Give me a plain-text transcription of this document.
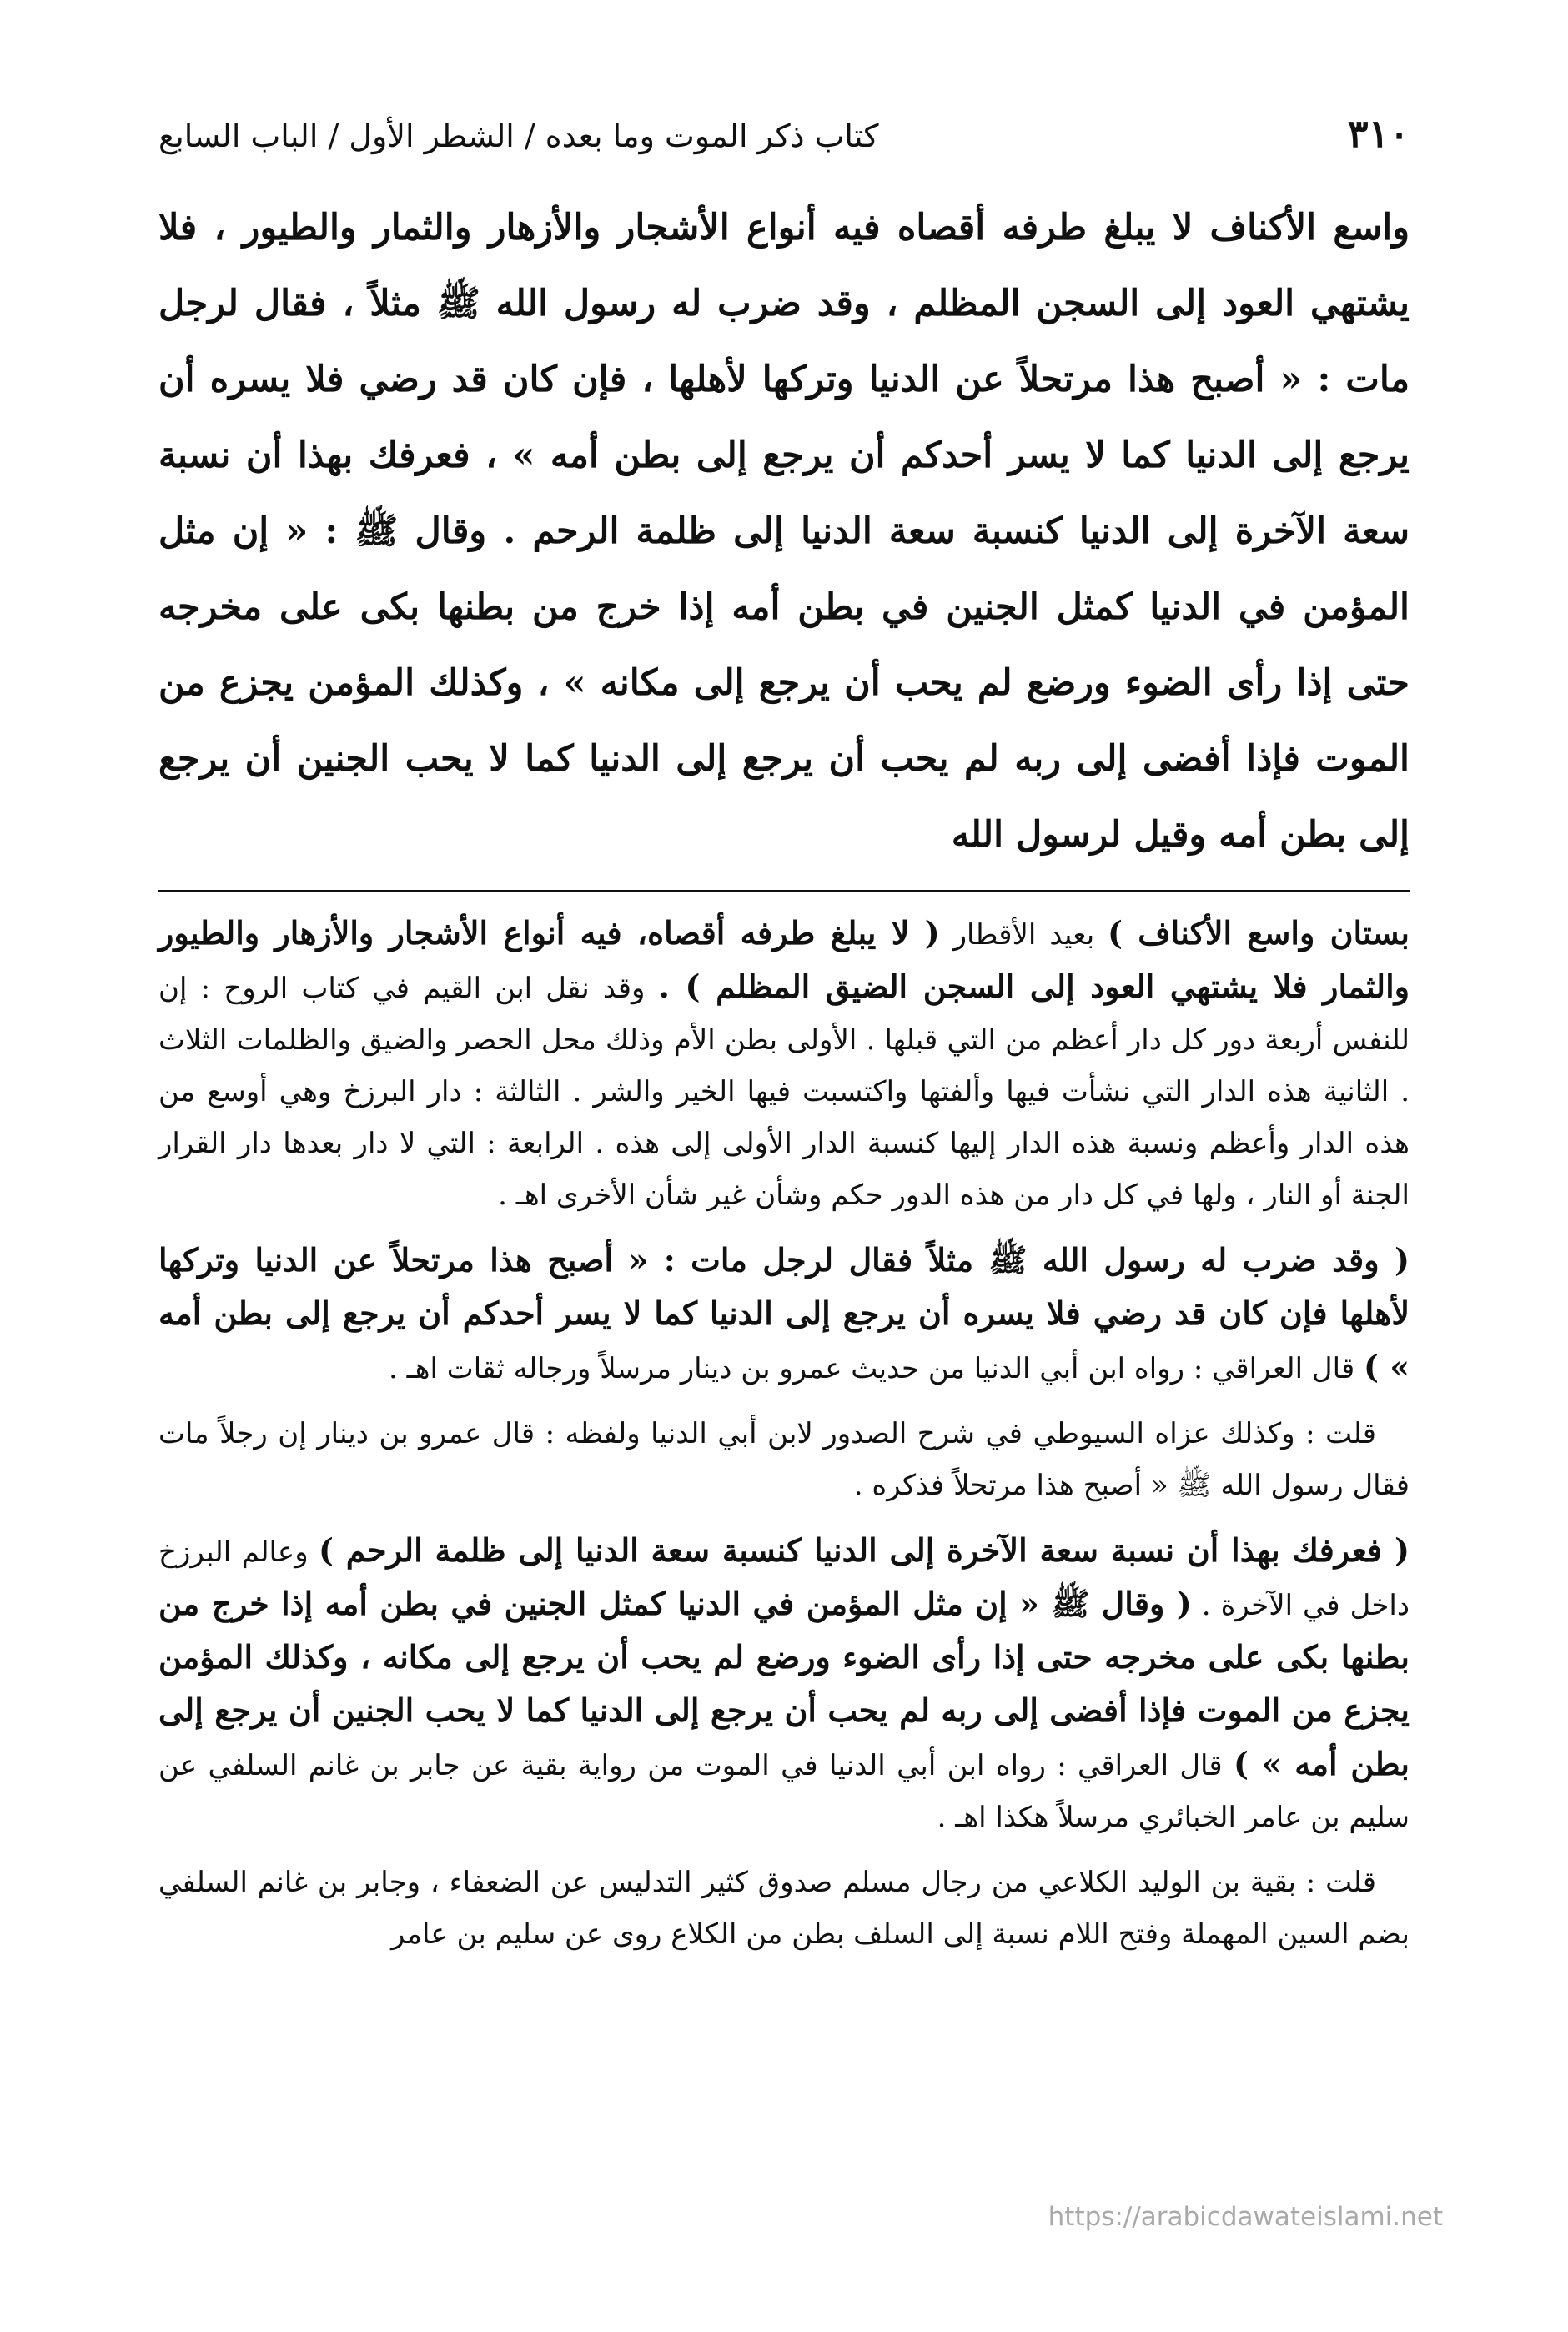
٣١٠
كتاب ذكر الموت وما بعده / الشطر الأول / الباب السابع

واسع الأكناف لا يبلغ طرفه أقصاه فيه أنواع الأشجار والأزهار والثمار والطيور ، فلا يشتهي العود إلى السجن المظلم ، وقد ضرب له رسول الله ﷺ مثلاً ، فقال لرجل مات : « أصبح هذا مرتحلاً عن الدنيا وتركها لأهلها ، فإن كان قد رضي فلا يسره أن يرجع إلى الدنيا كما لا يسر أحدكم أن يرجع إلى بطن أمه » ، فعرفك بهذا أن نسبة سعة الآخرة إلى الدنيا كنسبة سعة الدنيا إلى ظلمة الرحم . وقال ﷺ : « إن مثل المؤمن في الدنيا كمثل الجنين في بطن أمه إذا خرج من بطنها بكى على مخرجه حتى إذا رأى الضوء ورضع لم يحب أن يرجع إلى مكانه » ، وكذلك المؤمن يجزع من الموت فإذا أفضى إلى ربه لم يحب أن يرجع إلى الدنيا كما لا يحب الجنين أن يرجع إلى بطن أمه وقيل لرسول الله

بستان واسع الأكناف ) بعيد الأقطار ( لا يبلغ طرفه أقصاه، فيه أنواع الأشجار والأزهار والطيور والثمار فلا يشتهي العود إلى السجن الضيق المظلم ) . وقد نقل ابن القيم في كتاب الروح : إن للنفس أربعة دور كل دار أعظم من التي قبلها . الأولى بطن الأم وذلك محل الحصر والضيق والظلمات الثلاث . الثانية هذه الدار التي نشأت فيها وألفتها واكتسبت فيها الخير والشر . الثالثة : دار البرزخ وهي أوسع من هذه الدار وأعظم ونسبة هذه الدار إليها كنسبة الدار الأولى إلى هذه . الرابعة : التي لا دار بعدها دار القرار الجنة أو النار ، ولها في كل دار من هذه الدور حكم وشأن غير شأن الأخرى اهـ .

( وقد ضرب له رسول الله ﷺ مثلاً فقال لرجل مات : « أصبح هذا مرتحلاً عن الدنيا وتركها لأهلها فإن كان قد رضي فلا يسره أن يرجع إلى الدنيا كما لا يسر أحدكم أن يرجع إلى بطن أمه » ) قال العراقي : رواه ابن أبي الدنيا من حديث عمرو بن دينار مرسلاً ورجاله ثقات اهـ .

قلت : وكذلك عزاه السيوطي في شرح الصدور لابن أبي الدنيا ولفظه : قال عمرو بن دينار إن رجلاً مات فقال رسول الله ﷺ « أصبح هذا مرتحلاً فذكره .

( فعرفك بهذا أن نسبة سعة الآخرة إلى الدنيا كنسبة سعة الدنيا إلى ظلمة الرحم ) وعالم البرزخ داخل في الآخرة . ( وقال ﷺ « إن مثل المؤمن في الدنيا كمثل الجنين في بطن أمه إذا خرج من بطنها بكى على مخرجه حتى إذا رأى الضوء ورضع لم يحب أن يرجع إلى مكانه ، وكذلك المؤمن يجزع من الموت فإذا أفضى إلى ربه لم يحب أن يرجع إلى الدنيا كما لا يحب الجنين أن يرجع إلى بطن أمه » ) قال العراقي : رواه ابن أبي الدنيا في الموت من رواية بقية عن جابر بن غانم السلفي عن سليم بن عامر الخبائري مرسلاً هكذا اهـ .

قلت : بقية بن الوليد الكلاعي من رجال مسلم صدوق كثير التدليس عن الضعفاء ، وجابر بن غانم السلفي بضم السين المهملة وفتح اللام نسبة إلى السلف بطن من الكلاع روى عن سليم بن عامر

https://arabicdawateislami.net
